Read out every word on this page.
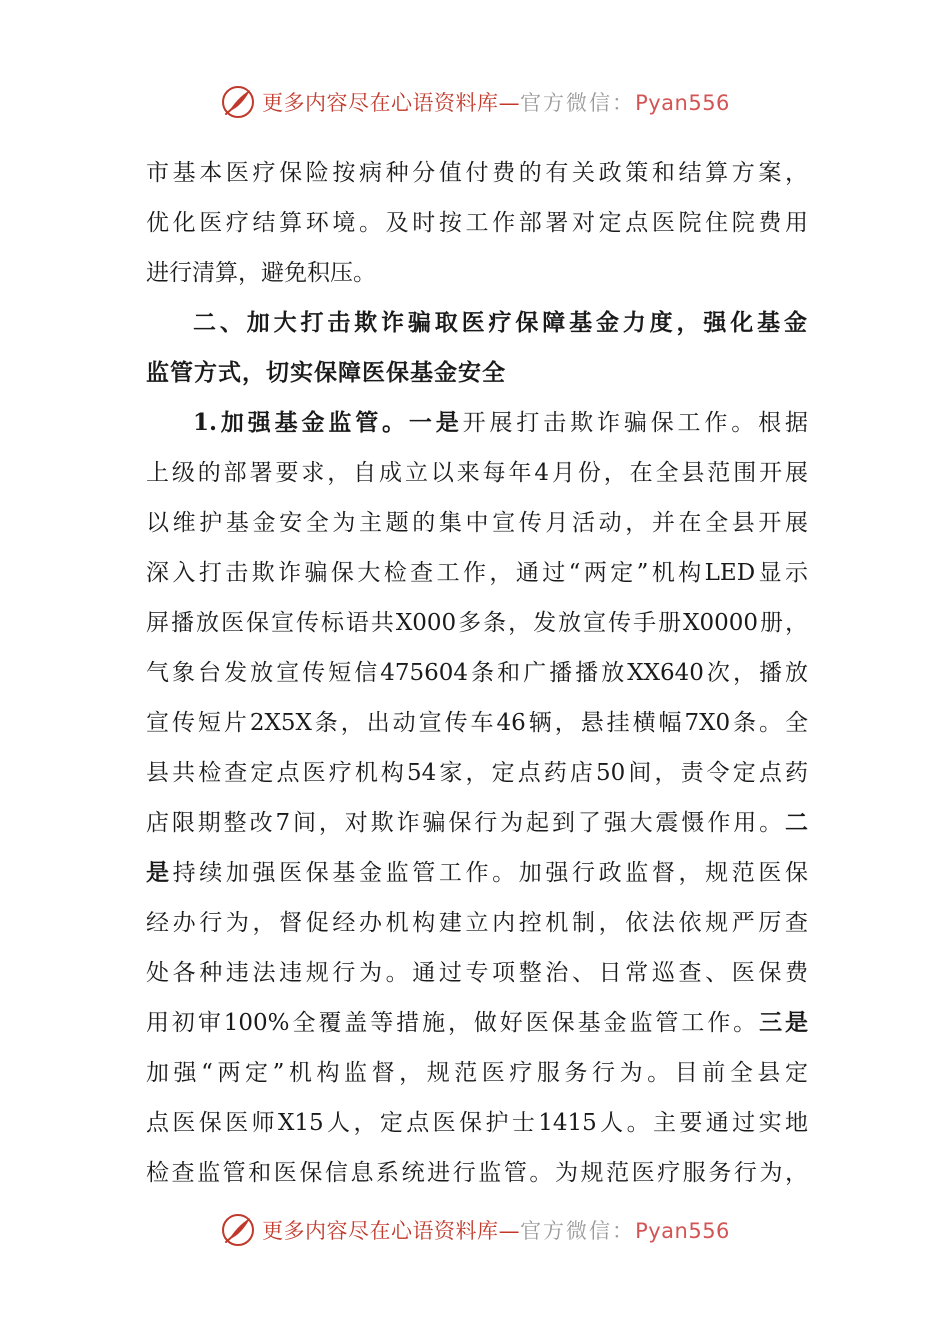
更多内容尽在心语资料库—官方微信：Pyan556
市基本医疗保险按病种分值付费的有关政策和结算方案，
优化医疗结算环境。及时按工作部署对定点医院住院费用
进行清算，避免积压。
二、加大打击欺诈骗取医疗保障基金力度，强化基金
监管方式，切实保障医保基金安全
1.加强基金监管。一是开展打击欺诈骗保工作。根据
上级的部署要求，自成立以来每年4月份，在全县范围开展
以维护基金安全为主题的集中宣传月活动，并在全县开展
深入打击欺诈骗保大检查工作，通过“两定”机构LED显示
屏播放医保宣传标语共X000多条，发放宣传手册X0000册，
气象台发放宣传短信475604条和广播播放XX640次，播放
宣传短片2X5X条，出动宣传车46辆，悬挂横幅7X0条。全
县共检查定点医疗机构54家，定点药店50间，责令定点药
店限期整改7间，对欺诈骗保行为起到了强大震慑作用。二
是持续加强医保基金监管工作。加强行政监督，规范医保
经办行为，督促经办机构建立内控机制，依法依规严厉查
处各种违法违规行为。通过专项整治、日常巡查、医保费
用初审100%全覆盖等措施，做好医保基金监管工作。三是
加强“两定”机构监督，规范医疗服务行为。目前全县定
点医保医师X15人，定点医保护士1415人。主要通过实地
检查监管和医保信息系统进行监管。为规范医疗服务行为，
更多内容尽在心语资料库—官方微信：Pyan556
